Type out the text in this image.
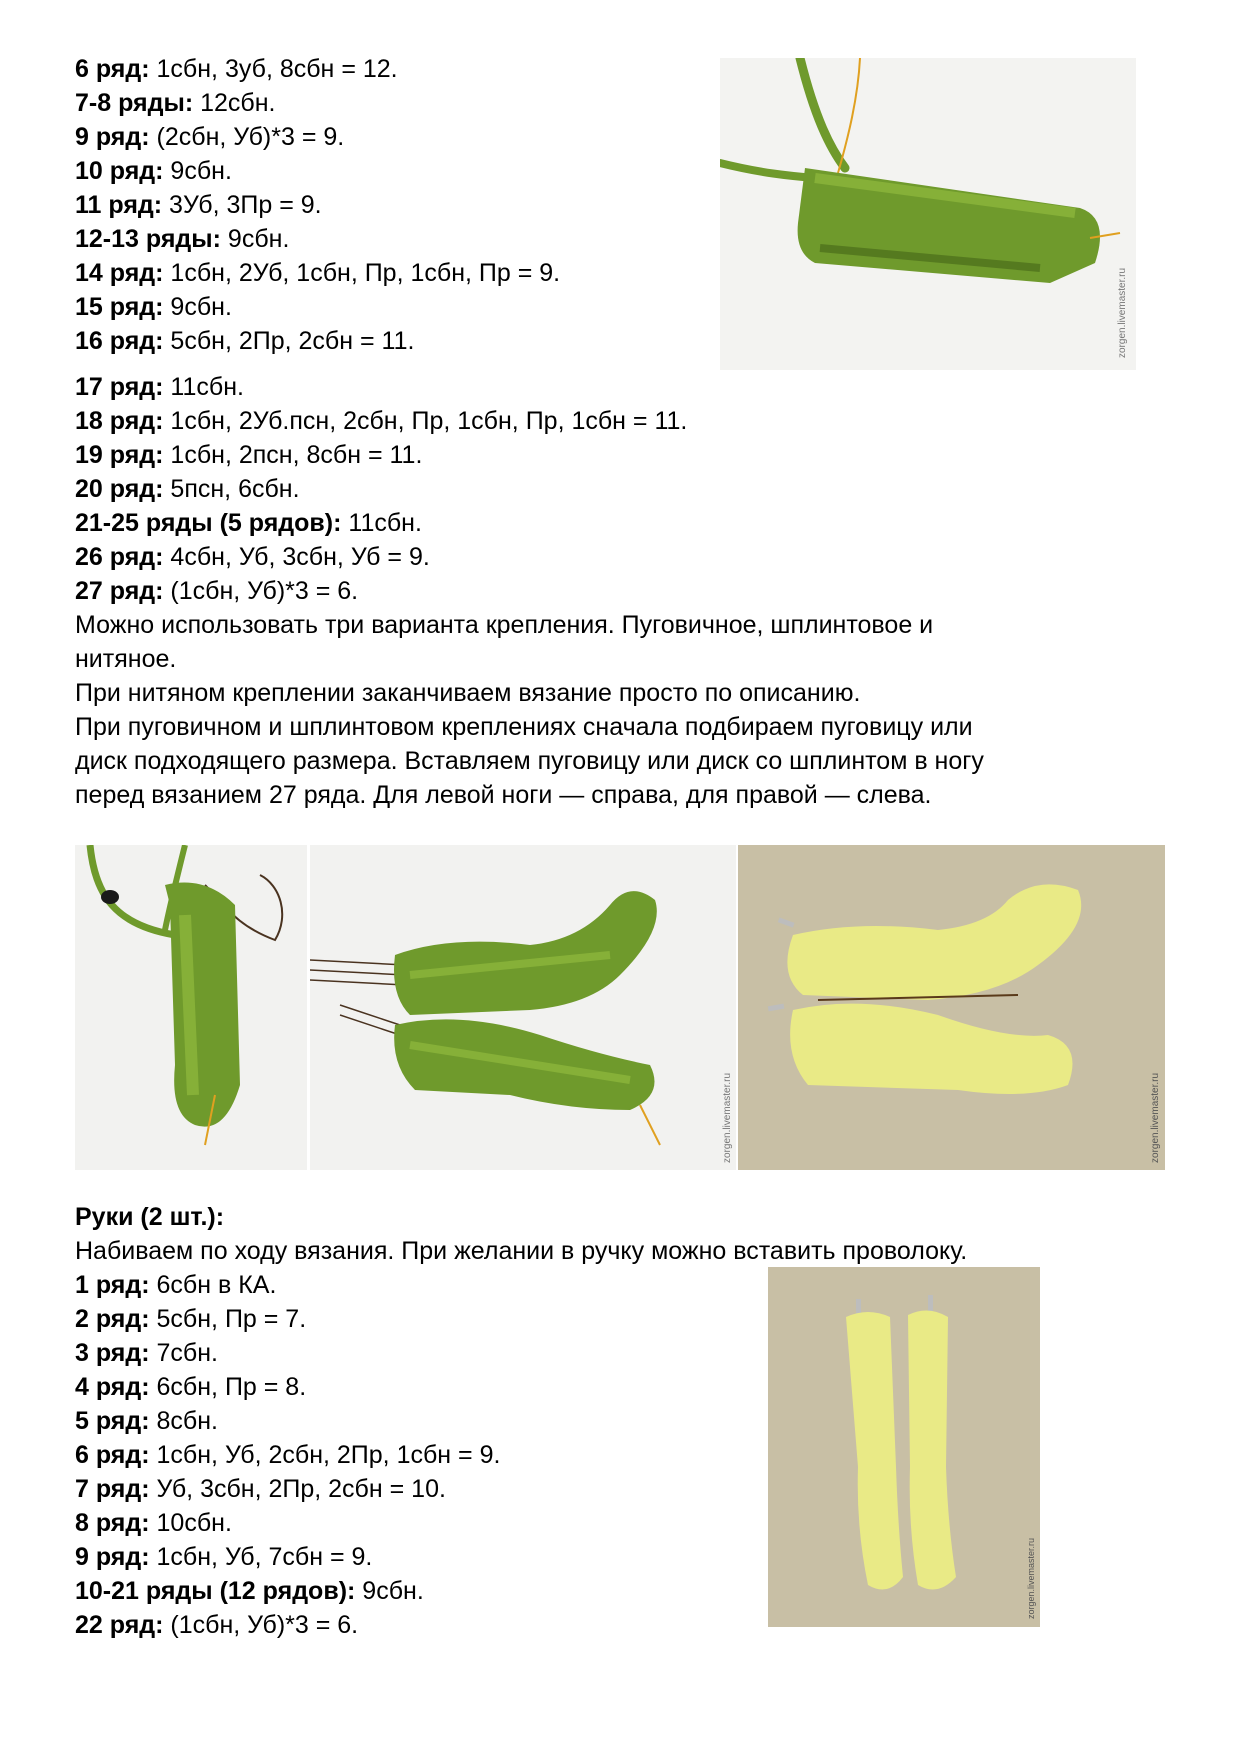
6 ряд: 1сбн, 3уб, 8сбн = 12.
7-8 ряды: 12сбн.
9 ряд: (2сбн, Уб)*3 = 9.
10 ряд: 9сбн.
11 ряд: 3Уб, 3Пр = 9.
12-13 ряды: 9сбн.
14 ряд: 1сбн, 2Уб, 1сбн, Пр, 1сбн, Пр = 9.
15 ряд: 9сбн.
16 ряд: 5сбн, 2Пр, 2сбн = 11.
17 ряд: 11сбн.
18 ряд: 1сбн, 2Уб.псн, 2сбн, Пр, 1сбн, Пр, 1сбн = 11.
19 ряд: 1сбн, 2псн, 8сбн = 11.
20 ряд: 5псн, 6сбн.
21-25 ряды (5 рядов): 11сбн.
26 ряд: 4сбн, Уб, 3сбн, Уб = 9.
27 ряд: (1сбн, Уб)*3 = 6.
Можно использовать три варианта крепления. Пуговичное, шплинтовое и
нитяное.
При нитяном креплении заканчиваем вязание просто по описанию.
При пуговичном и шплинтовом креплениях сначала подбираем пуговицу или
диск подходящего размера. Вставляем пуговицу или диск со шплинтом в ногу
перед вязанием 27 ряда. Для левой ноги — справа, для правой — слева.
zorgen.livemaster.ru
zorgen.livemaster.ru	zorgen.livemaster.ru
Руки (2 шт.):
Набиваем по ходу вязания. При желании в ручку можно вставить проволоку.
1 ряд: 6сбн в КА.
2 ряд: 5сбн, Пр = 7.
3 ряд: 7сбн.
4 ряд: 6сбн, Пр = 8.
5 ряд: 8сбн.
6 ряд: 1сбн, Уб, 2сбн, 2Пр, 1сбн = 9.
7 ряд: Уб, 3сбн, 2Пр, 2сбн = 10.
8 ряд: 10сбн.
9 ряд: 1сбн, Уб, 7сбн = 9.
10-21 ряды (12 рядов): 9сбн.
22 ряд: (1сбн, Уб)*3 = 6.
zorgen.livemaster.ru
